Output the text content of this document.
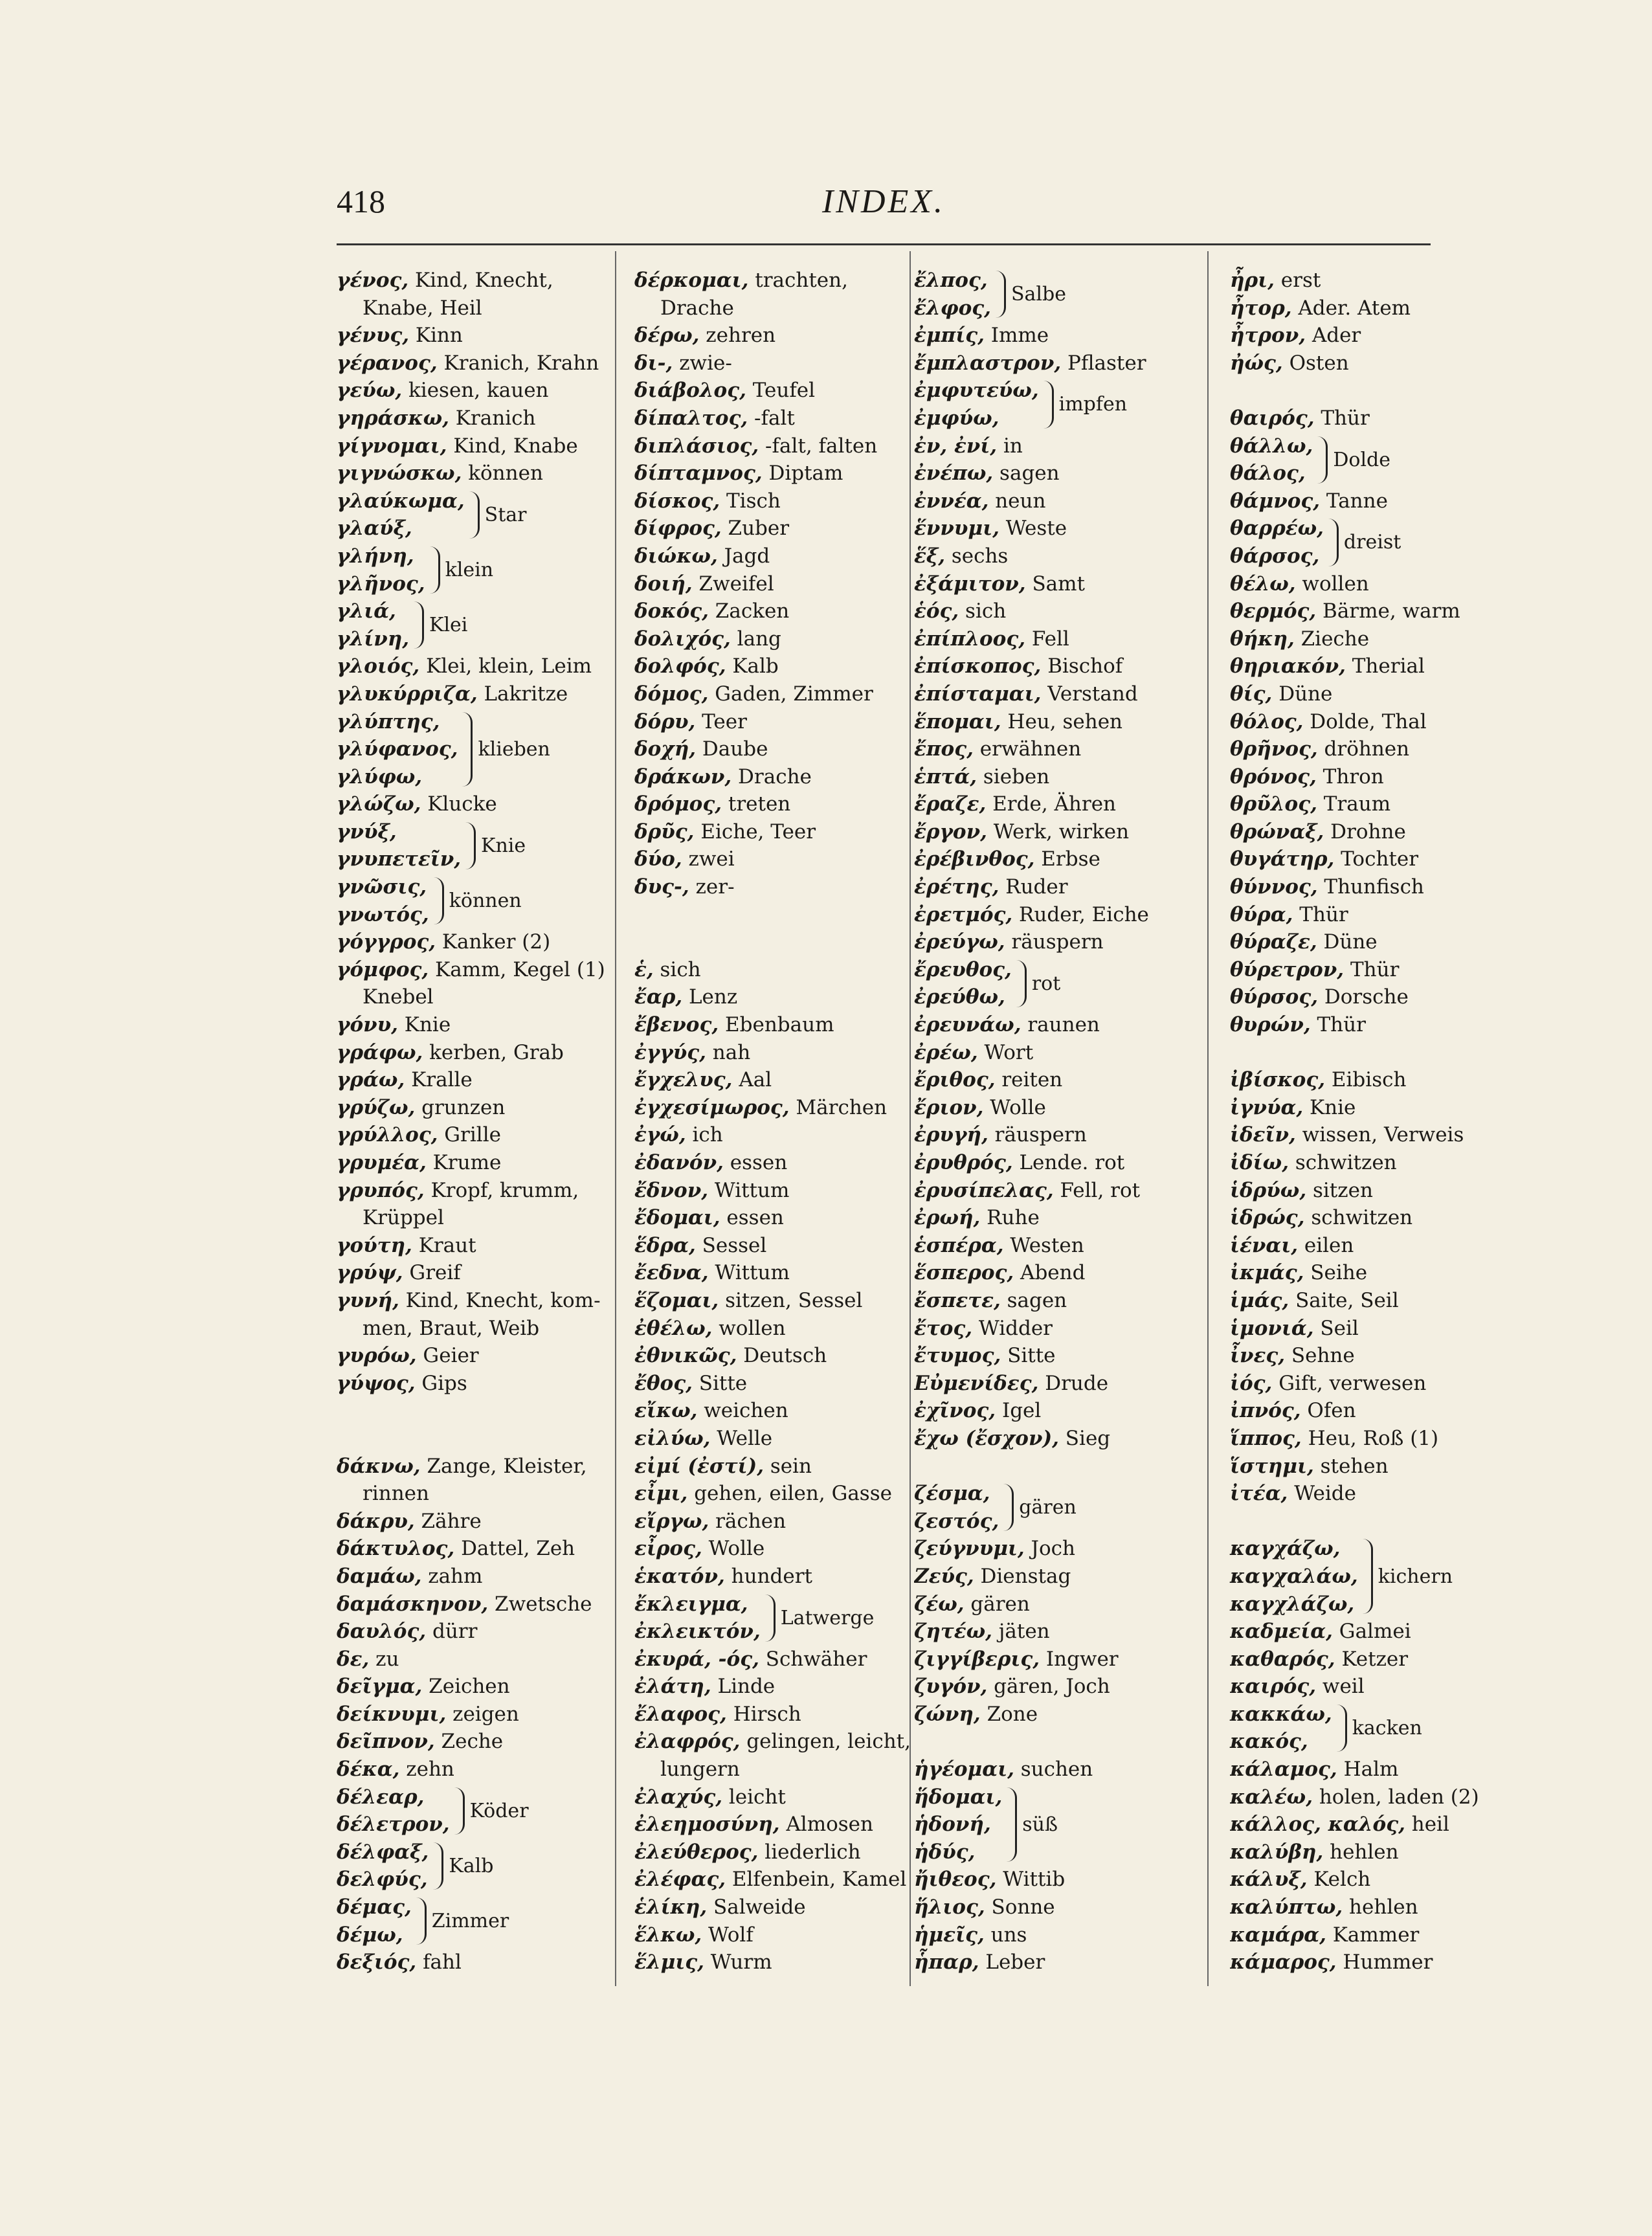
418	INDEX.
γένος, Kind, Knecht,
Knabe, Heil
γένυς, Kinn
γέρανος, Kranich, Krahn
γεύω, kiesen, kauen
γηράσκω, Kranich
γίγνομαι, Kind, Knabe
γιγνώσκω, können
γλαύκωμα,
γλαύξ,
Star
γλήνη,
γλῆνος,
klein
γλιά,
γλίνη,
Klei
γλοιός, Klei, klein, Leim
γλυκύρριζα, Lakritze
γλύπτης,
γλύφανος,
γλύφω,
klieben
γλώζω, Klucke
γνύξ,
γνυπετεῖν,
Knie
γνῶσις,
γνωτός,
können
γόγγρος, Kanker (2)
γόμφος, Kamm, Kegel (1)
Knebel
γόνυ, Knie
γράφω, kerben, Grab
γράω, Kralle
γρύζω, grunzen
γρύλλος, Grille
γρυμέα, Krume
γρυπός, Kropf, krumm,
Krüppel
γούτη, Kraut
γρύψ, Greif
γυνή, Kind, Knecht, kom-
men, Braut, Weib
γυρόω, Geier
γύψος, Gips
δάκνω, Zange, Kleister,
rinnen
δάκρυ, Zähre
δάκτυλος, Dattel, Zeh
δαμάω, zahm
δαμάσκηνον, Zwetsche
δαυλός, dürr
δε, zu
δεῖγμα, Zeichen
δείκνυμι, zeigen
δεῖπνον, Zeche
δέκα, zehn
δέλεαρ,
δέλετρον,
Köder
δέλφαξ,
δελφύς,
Kalb
δέμας,
δέμω,
Zimmer
δεξιός, fahl
δέρκομαι, trachten,
Drache
δέρω, zehren
δι-, zwie-
διάβολος, Teufel
δίπαλτος, -falt
διπλάσιος, -falt, falten
δίπταμνος, Diptam
δίσκος, Tisch
δίφρος, Zuber
διώκω, Jagd
δοιή, Zweifel
δοκός, Zacken
δολιχός, lang
δολφός, Kalb
δόμος, Gaden, Zimmer
δόρυ, Teer
δοχή, Daube
δράκων, Drache
δρόμος, treten
δρῦς, Eiche, Teer
δύο, zwei
δυς-, zer-
ἑ, sich
ἔαρ, Lenz
ἔβενος, Ebenbaum
ἐγγύς, nah
ἔγχελυς, Aal
ἐγχεσίμωρος, Märchen
ἐγώ, ich
ἐδανόν, essen
ἔδνον, Wittum
ἔδομαι, essen
ἕδρα, Sessel
ἔεδνα, Wittum
ἕζομαι, sitzen, Sessel
ἐθέλω, wollen
ἐθνικῶς, Deutsch
ἔθος, Sitte
εἴκω, weichen
εἰλύω, Welle
εἰμί (ἐστί), sein
εἶμι, gehen, eilen, Gasse
εἴργω, rächen
εἶρος, Wolle
ἑκατόν, hundert
ἔκλειγμα,
ἐκλεικτόν,
Latwerge
ἐκυρά, -ός, Schwäher
ἐλάτη, Linde
ἔλαφος, Hirsch
ἐλαφρός, gelingen, leicht,
lungern
ἐλαχύς, leicht
ἐλεημοσύνη, Almosen
ἐλεύθερος, liederlich
ἐλέφας, Elfenbein, Kamel
ἑλίκη, Salweide
ἕλκω, Wolf
ἕλμις, Wurm
ἔλπος,
ἔλφος,
Salbe
ἐμπίς, Imme
ἔμπλαστρον, Pflaster
ἐμφυτεύω,
ἐμφύω,
impfen
ἐν, ἐνί, in
ἐνέπω, sagen
ἐννέα, neun
ἕννυμι, Weste
ἕξ, sechs
ἐξάμιτον, Samt
ἑός, sich
ἐπίπλοος, Fell
ἐπίσκοπος, Bischof
ἐπίσταμαι, Verstand
ἕπομαι, Heu, sehen
ἔπος, erwähnen
ἑπτά, sieben
ἔραζε, Erde, Ähren
ἔργον, Werk, wirken
ἐρέβινθος, Erbse
ἐρέτης, Ruder
ἐρετμός, Ruder, Eiche
ἐρεύγω, räuspern
ἔρευθος,
ἐρεύθω,
rot
ἐρευνάω, raunen
ἐρέω, Wort
ἔριθος, reiten
ἔριον, Wolle
ἐρυγή, räuspern
ἐρυθρός, Lende. rot
ἐρυσίπελας, Fell, rot
ἐρωή, Ruhe
ἑσπέρα, Westen
ἕσπερος, Abend
ἔσπετε, sagen
ἔτος, Widder
ἔτυμος, Sitte
Εὐμενίδες, Drude
ἐχῖνος, Igel
ἔχω (ἔσχον), Sieg
ζέσμα,
ζεστός,
gären
ζεύγνυμι, Joch
Ζεύς, Dienstag
ζέω, gären
ζητέω, jäten
ζιγγίβερις, Ingwer
ζυγόν, gären, Joch
ζώνη, Zone
ἡγέομαι, suchen
ἥδομαι,
ἡδονή,
ἡδύς,
süß
ἤιθεος, Wittib
ἥλιος, Sonne
ἡμεῖς, uns
ἧπαρ, Leber
ἦρι, erst
ἦτορ, Ader. Atem
ἦτρον, Ader
ἠώς, Osten
θαιρός, Thür
θάλλω,
θάλος,
Dolde
θάμνος, Tanne
θαρρέω,
θάρσος,
dreist
θέλω, wollen
θερμός, Bärme, warm
θήκη, Zieche
θηριακόν, Therial
θίς, Düne
θόλος, Dolde, Thal
θρῆνος, dröhnen
θρόνος, Thron
θρῦλος, Traum
θρώναξ, Drohne
θυγάτηρ, Tochter
θύννος, Thunfisch
θύρα, Thür
θύραζε, Düne
θύρετρον, Thür
θύρσος, Dorsche
θυρών, Thür
ἰβίσκος, Eibisch
ἰγνύα, Knie
ἰδεῖν, wissen, Verweis
ἰδίω, schwitzen
ἱδρύω, sitzen
ἱδρώς, schwitzen
ἱέναι, eilen
ἰκμάς, Seihe
ἱμάς, Saite, Seil
ἱμονιά, Seil
ἶνες, Sehne
ἰός, Gift, verwesen
ἰπνός, Ofen
ἵππος, Heu, Roß (1)
ἵστημι, stehen
ἰτέα, Weide
καγχάζω,
καγχαλάω,
καγχλάζω,
kichern
καδμεία, Galmei
καθαρός, Ketzer
καιρός, weil
κακκάω,
κακός,
kacken
κάλαμος, Halm
καλέω, holen, laden (2)
κάλλος, καλός, heil
καλύβη, hehlen
κάλυξ, Kelch
καλύπτω, hehlen
καμάρα, Kammer
κάμαρος, Hummer
